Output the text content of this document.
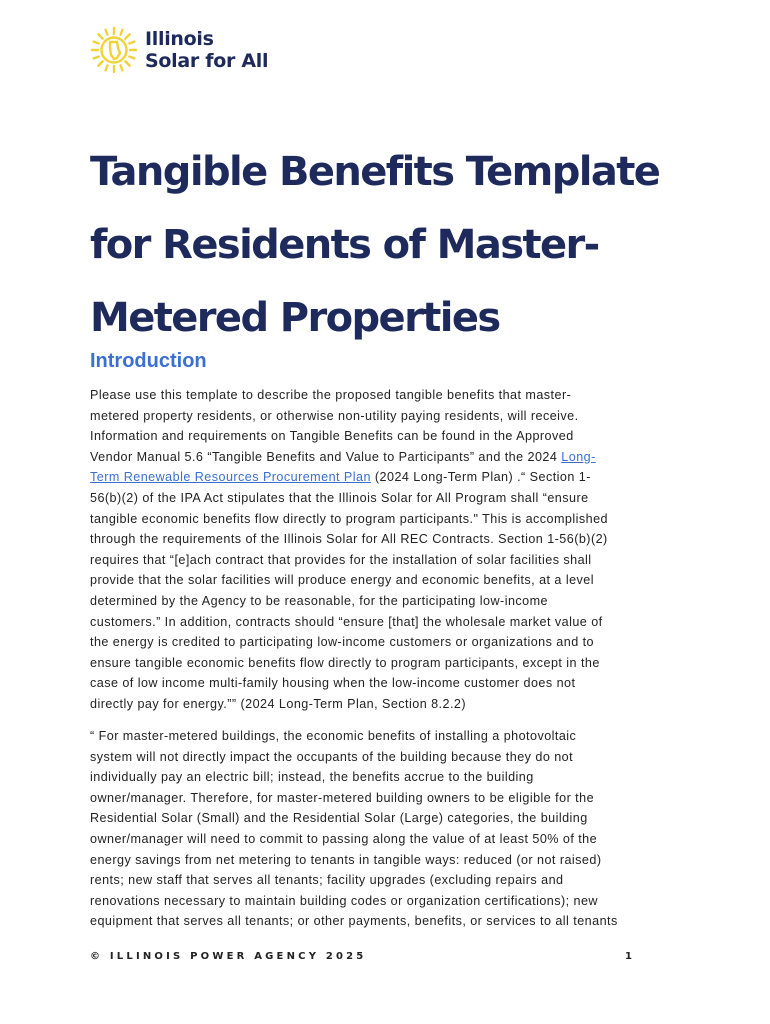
Illinois
Solar for All
Tangible Benefits Template
for Residents of Master-
Metered Properties
Introduction
Please use this template to describe the proposed tangible benefits that master-
metered property residents, or otherwise non-utility paying residents, will receive.
Information and requirements on Tangible Benefits can be found in the Approved
Vendor Manual 5.6 “Tangible Benefits and Value to Participants” and the 2024 Long-
Term Renewable Resources Procurement Plan (2024 Long-Term Plan) .“ Section 1-
56(b)(2) of the IPA Act stipulates that the Illinois Solar for All Program shall “ensure
tangible economic benefits flow directly to program participants." This is accomplished
through the requirements of the Illinois Solar for All REC Contracts. Section 1-56(b)(2)
requires that “[e]ach contract that provides for the installation of solar facilities shall
provide that the solar facilities will produce energy and economic benefits, at a level
determined by the Agency to be reasonable, for the participating low-income
customers.” In addition, contracts should “ensure [that] the wholesale market value of
the energy is credited to participating low-income customers or organizations and to
ensure tangible economic benefits flow directly to program participants, except in the
case of low income multi-family housing when the low-income customer does not
directly pay for energy.”” (2024 Long-Term Plan, Section 8.2.2)
“ For master-metered buildings, the economic benefits of installing a photovoltaic
system will not directly impact the occupants of the building because they do not
individually pay an electric bill; instead, the benefits accrue to the building
owner/manager. Therefore, for master-metered building owners to be eligible for the
Residential Solar (Small) and the Residential Solar (Large) categories, the building
owner/manager will need to commit to passing along the value of at least 50% of the
energy savings from net metering to tenants in tangible ways: reduced (or not raised)
rents; new staff that serves all tenants; facility upgrades (excluding repairs and
renovations necessary to maintain building codes or organization certifications); new
equipment that serves all tenants; or other payments, benefits, or services to all tenants
© ILLINOIS POWER AGENCY 2025	1
